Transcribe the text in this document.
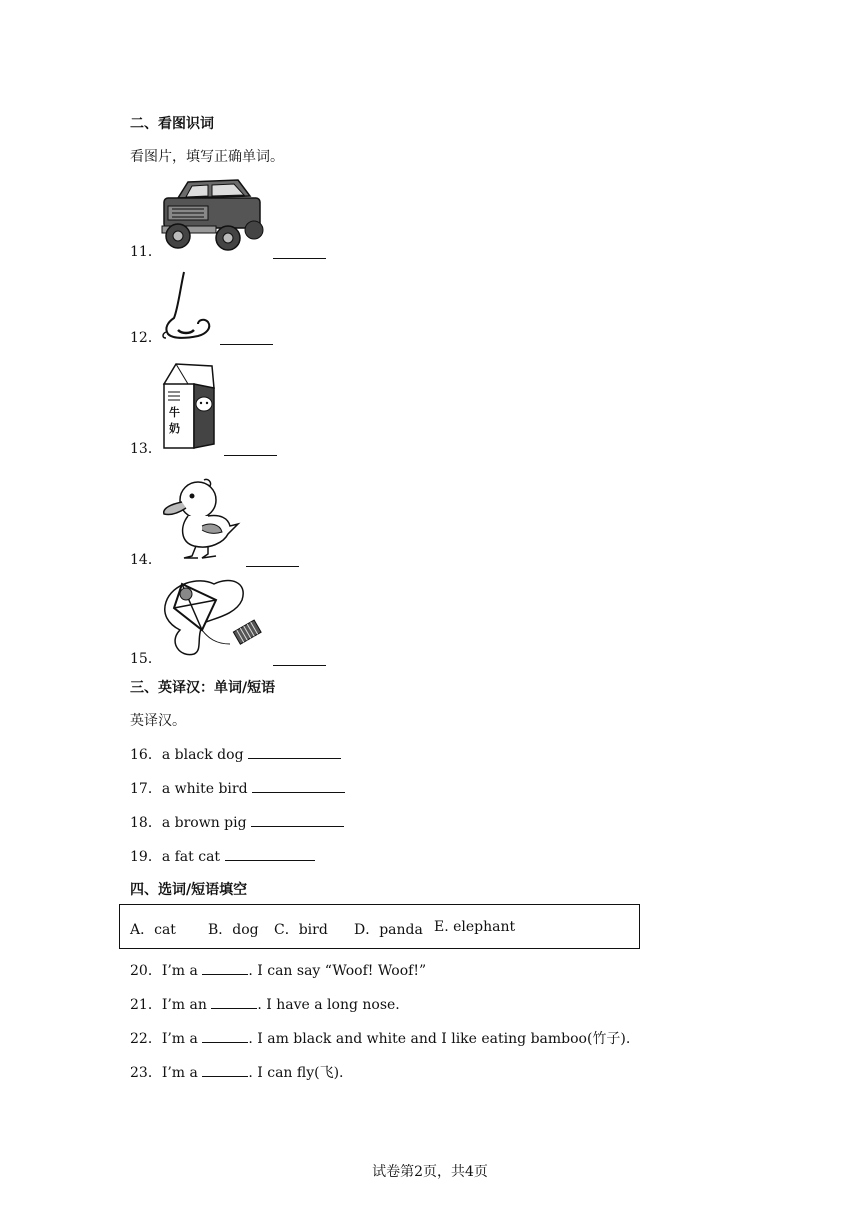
二、看图识词
看图片，填写正确单词。
11．
12．
13．
牛
奶
14．
15．
三、英译汉：单词/短语
英译汉。
16．a black dog
17．a white bird
18．a brown pig
19．a fat cat
四、选词/短语填空
A．cat B．dog C．bird D．panda E. elephant
20．I’m a	. I can say “Woof! Woof!”
21．I’m an	. I have a long nose.
22．I’m a	. I am black and white and I like eating bamboo(竹子).
23．I’m a	. I can fly(飞).
试卷第2页，共4页
